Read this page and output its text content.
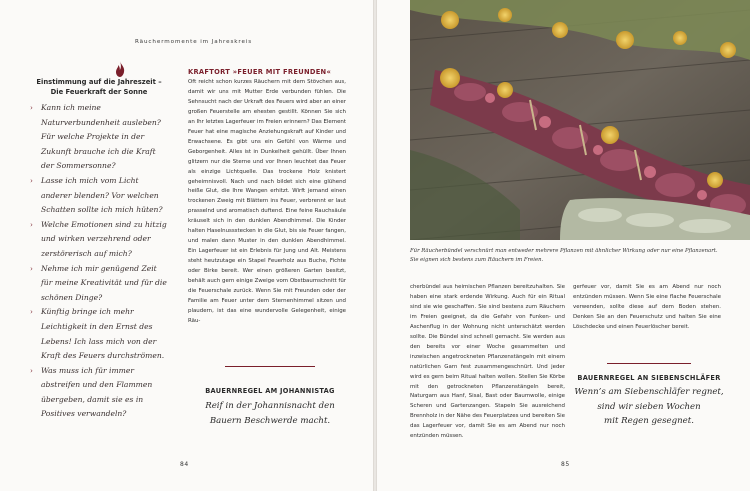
Räuchermomente im Jahreskreis
Einstimmung auf die Jahreszeit –
Die Feuerkraft der Sonne
› Kann ich meine Naturverbundenheit ausleben? Für welche Projekte in der Zukunft brauche ich die Kraft der Sommersonne?
› Lasse ich mich vom Licht anderer blenden? Vor welchen Schatten sollte ich mich hüten?
› Welche Emotionen sind zu hitzig und wirken verzehrend oder zerstörerisch auf mich?
› Nehme ich mir genügend Zeit für meine Kreativität und für die schönen Dinge?
› Künftig bringe ich mehr Leichtigkeit in den Ernst des Lebens! Ich lass mich von der Kraft des Feuers durchströmen.
› Was muss ich für immer abstreifen und den Flammen übergeben, damit sie es in Positives verwandeln?
KRAFTORT »FEUER MIT FREUNDEN«

Oft reicht schon kurzes Räuchern mit dem Stövchen aus, damit wir uns mit Mutter Erde verbunden fühlen. Die Sehnsucht nach der Urkraft des Feuers wird aber an einer großen Feuerstelle am ehesten gestillt. Können Sie sich an Ihr letztes Lagerfeuer im Freien erinnern? Das Element Feuer hat eine magische Anziehungskraft auf Kinder und Erwachsene. Es gibt uns ein Gefühl von Wärme und Geborgenheit. Alles ist in Dunkelheit gehüllt. Über Ihnen glitzern nur die Sterne und vor Ihnen leuchtet das Feuer als einzige Lichtquelle. Das trockene Holz knistert geheimnisvoll. Nach und nach bildet sich eine glühend heiße Glut, die Ihre Wangen erhitzt. Wirft jemand einen trockenen Zweig mit Blättern ins Feuer, verbrennt er laut prasselnd und aromatisch duftend. Eine feine Rauchsäule kräuselt sich in den dunklen Abendhimmel. Die Kinder halten Haselnussstecken in die Glut, bis sie Feuer fangen, und malen dann Muster in den dunklen Abendhimmel. Ein Lagerfeuer ist ein Erlebnis für Jung und Alt. Meistens steht heutzutage ein Stapel Feuerholz aus Buche, Fichte oder Birke bereit. Wer einen größeren Garten besitzt, behält auch gern einige Zweige vom Obstbaumschnitt für die Feuerschale zurück. Wenn Sie mit Freunden oder der Familie am Feuer unter dem Sternenhimmel sitzen und plaudern, ist das eine wundervolle Gelegenheit, einige Räu-

BAUERNREGEL AM JOHANNISTAG
Reif in der Johannisnacht den
Bauern Beschwerde macht.
84
Für Räucherbündel verschnürt man entweder mehrere Pflanzen mit ähnlicher Wirkung oder nur eine Pflanzenart.
Sie eignen sich bestens zum Räuchern im Freien.

cherbündel aus heimischen Pflanzen bereitzuhalten. Sie haben eine stark erdende Wirkung. Auch für ein Ritual sind sie wie geschaffen. Sie sind bestens zum Räuchern im Freien geeignet, da die Gefahr von Funken- und Aschenflug in der Wohnung nicht unterschätzt werden sollte. Die Bündel sind schnell gemacht. Sie werden aus den bereits vor einer Woche gesammelten und inzwischen angetrockneten Pflanzenstängeln mit einem natürlichen Garn fest zusammengeschnürt. Und jeder wird es gern beim Ritual halten wollen. Stellen Sie Körbe mit den getrockneten Pflanzenstängeln bereit, Naturgarn aus Hanf, Sisal, Bast oder Baumwolle, einige Scheren und Gartenzangen. Stapeln Sie ausreichend Brennholz in der Nähe des Feuerplatzes und bereiten Sie das Lagerfeuer vor, damit Sie es am Abend nur noch entzünden müssen.

gerfeuer vor, damit Sie es am Abend nur noch entzünden müssen. Wenn Sie eine flache Feuerschale verwenden, sollte diese auf dem Boden stehen. Denken Sie an den Feuerschutz und halten Sie eine Löschdecke und einen Feuerlöscher bereit.

BAUERNREGEL AN SIEBENSCHLÄFER
Wenn’s am Siebenschläfer regnet,
sind wir sieben Wochen
mit Regen gesegnet.
85
